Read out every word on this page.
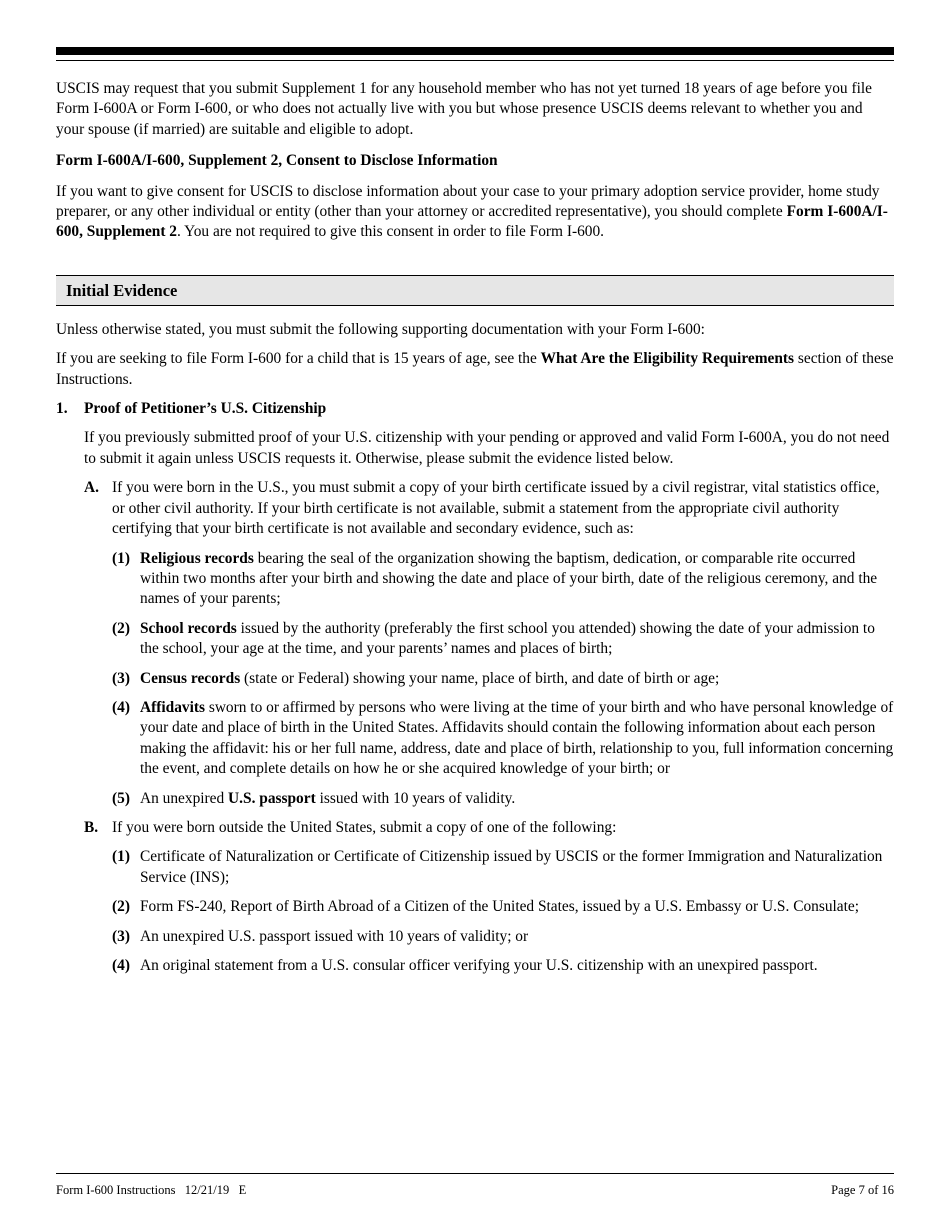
USCIS may request that you submit Supplement 1 for any household member who has not yet turned 18 years of age before you file Form I-600A or Form I-600, or who does not actually live with you but whose presence USCIS deems relevant to whether you and your spouse (if married) are suitable and eligible to adopt.

Form I-600A/I-600, Supplement 2, Consent to Disclose Information

If you want to give consent for USCIS to disclose information about your case to your primary adoption service provider, home study preparer, or any other individual or entity (other than your attorney or accredited representative), you should complete Form I-600A/I-600, Supplement 2. You are not required to give this consent in order to file Form I-600.

Initial Evidence

Unless otherwise stated, you must submit the following supporting documentation with your Form I-600:

If you are seeking to file Form I-600 for a child that is 15 years of age, see the What Are the Eligibility Requirements section of these Instructions.

1. Proof of Petitioner’s U.S. Citizenship

If you previously submitted proof of your U.S. citizenship with your pending or approved and valid Form I-600A, you do not need to submit it again unless USCIS requests it. Otherwise, please submit the evidence listed below.

A. If you were born in the U.S., you must submit a copy of your birth certificate issued by a civil registrar, vital statistics office, or other civil authority. If your birth certificate is not available, submit a statement from the appropriate civil authority certifying that your birth certificate is not available and secondary evidence, such as:
(1) Religious records bearing the seal of the organization showing the baptism, dedication, or comparable rite occurred within two months after your birth and showing the date and place of your birth, date of the religious ceremony, and the names of your parents;
(2) School records issued by the authority (preferably the first school you attended) showing the date of your admission to the school, your age at the time, and your parents’ names and places of birth;
(3) Census records (state or Federal) showing your name, place of birth, and date of birth or age;
(4) Affidavits sworn to or affirmed by persons who were living at the time of your birth and who have personal knowledge of your date and place of birth in the United States. Affidavits should contain the following information about each person making the affidavit: his or her full name, address, date and place of birth, relationship to you, full information concerning the event, and complete details on how he or she acquired knowledge of your birth; or
(5) An unexpired U.S. passport issued with 10 years of validity.
B. If you were born outside the United States, submit a copy of one of the following:
(1) Certificate of Naturalization or Certificate of Citizenship issued by USCIS or the former Immigration and Naturalization Service (INS);
(2) Form FS-240, Report of Birth Abroad of a Citizen of the United States, issued by a U.S. Embassy or U.S. Consulate;
(3) An unexpired U.S. passport issued with 10 years of validity; or
(4) An original statement from a U.S. consular officer verifying your U.S. citizenship with an unexpired passport.
Form I-600 Instructions   12/21/19   E	Page 7 of 16
